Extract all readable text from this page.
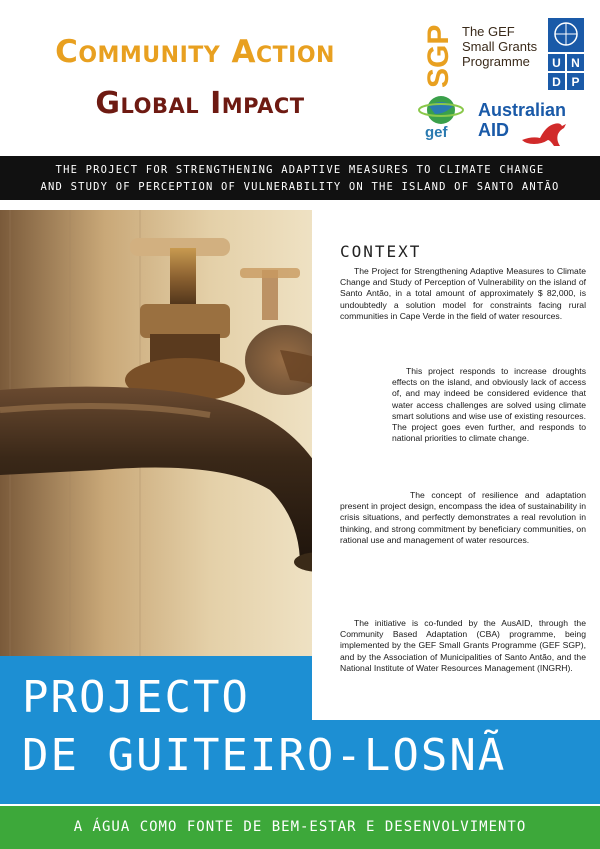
Community Action
Global Impact
SGP The GEF
Small Grants
Programme	U N
D P
gef
Australian
AID
THE PROJECT FOR STRENGTHENING ADAPTIVE MEASURES TO CLIMATE CHANGE
AND STUDY OF PERCEPTION OF VULNERABILITY ON THE ISLAND OF SANTO ANTÃO
CONTEXT
The Project for Strengthening Adaptive Measures to Climate Change and Study of Perception of Vulnerability on the island of Santo Antão, in a total amount of approximately $ 82,000, is undoubtedly a solution model for constraints facing rural communities in Cape Verde in the field of water resources.
This project responds to increase droughts effects on the island, and obviously lack of access of, and may indeed be considered evidence that water access challenges are solved using climate smart solutions and wise use of existing resources. The project goes even further, and responds to national priorities to climate change.
The concept of resilience and adaptation present in project design, encompass the idea of sustainability in crisis situations, and perfectly demonstrates a real revolution in thinking, and strong commitment by beneficiary communities, on rational use and management of water resources.
The initiative is co-funded by the AusAID, through the Community Based Adaptation (CBA) programme, being implemented by the GEF Small Grants Programme (GEF SGP), and by the Association of Municipalities of Santo Antão, and the National Institute of Water Resources Management (INGRH).
PROJECTO
DE GUITEIRO-LOSNÃ
A ÁGUA COMO FONTE DE BEM-ESTAR E DESENVOLVIMENTO
